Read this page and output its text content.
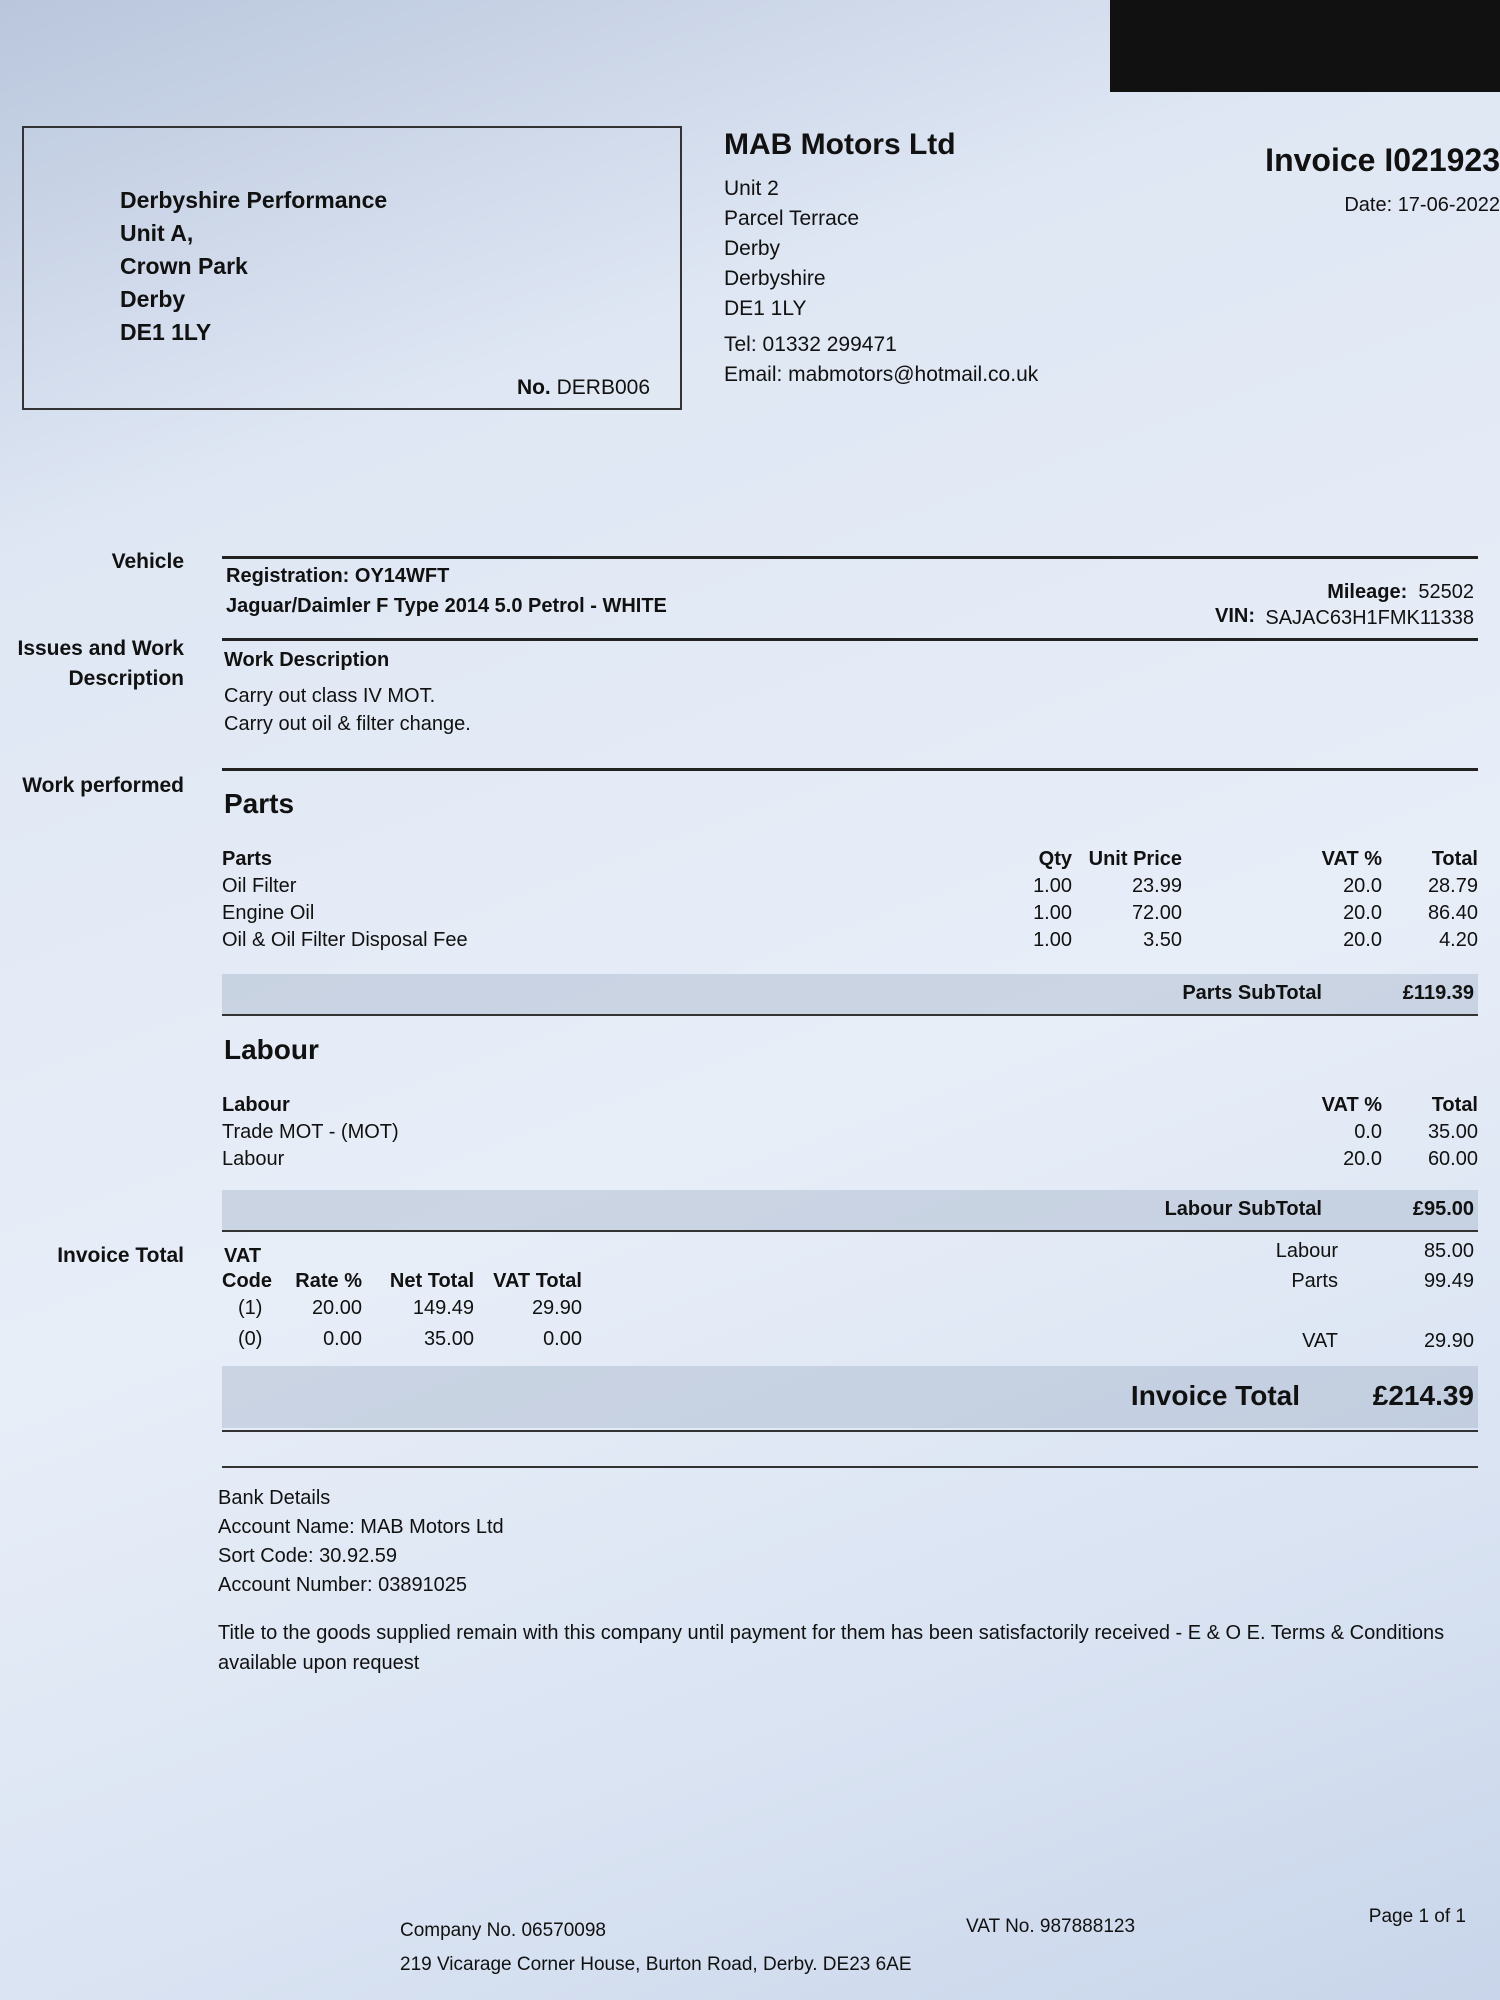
Derbyshire Performance
Unit A,
Crown Park
Derby
DE1 1LY
No. DERB006
MAB Motors Ltd
Unit 2
Parcel Terrace
Derby
Derbyshire
DE1 1LY
Tel: 01332 299471
Email: mabmotors@hotmail.co.uk
Invoice I021923
Date: 17-06-2022
Vehicle
Registration: OY14WFT
Jaguar/Daimler F Type 2014 5.0 Petrol - WHITE
Mileage: 52502
VIN: SAJAC63H1FMK11338
Issues and Work
Description
Work Description
Carry out class IV MOT.
Carry out oil & filter change.
Work performed
Parts
Parts	Qty	Unit Price	VAT %	Total
Oil Filter	1.00	23.99	20.0	28.79
Engine Oil	1.00	72.00	20.0	86.40
Oil & Oil Filter Disposal Fee	1.00	3.50	20.0	4.20
Parts SubTotal	£119.39
Labour
Labour	VAT %	Total
Trade MOT - (MOT)	0.0	35.00
Labour	20.0	60.00
Labour SubTotal	£95.00
Invoice Total VAT
Code	Rate %	Net Total	VAT Total
(1)	20.00	149.49	29.90
(0)	0.00	35.00	0.00
Labour	85.00
Parts	99.49
VAT	29.90
Invoice Total	£214.39
Bank Details
Account Name: MAB Motors Ltd
Sort Code: 30.92.59
Account Number: 03891025
Title to the goods supplied remain with this company until payment for them has been satisfactorily received - E & O E. Terms & Conditions available upon request
Company No. 06570098
219 Vicarage Corner House, Burton Road, Derby. DE23 6AE
VAT No. 987888123	Page 1 of 1
